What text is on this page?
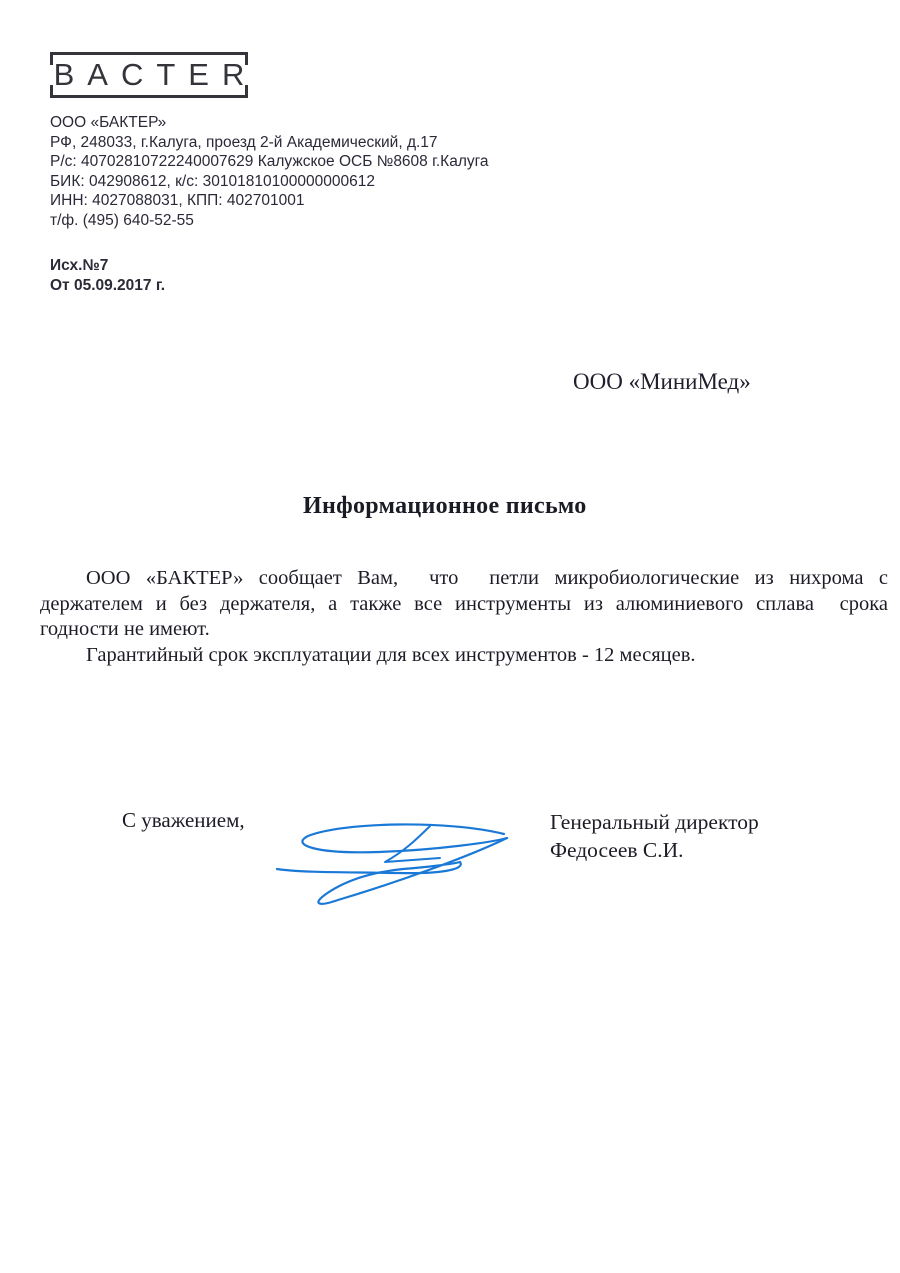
BACTER
ООО «БАКТЕР»
РФ, 248033, г.Калуга, проезд 2-й Академический, д.17
Р/с: 40702810722240007629 Калужское ОСБ №8608 г.Калуга
БИК: 042908612, к/с: 30101810100000000612
ИНН: 4027088031, КПП: 402701001
т/ф. (495) 640-52-55
Исх.№7
От 05.09.2017 г.
ООО «МиниМед»
Информационное письмо
ООО «БАКТЕР» сообщает Вам,  что  петли микробиологические из нихрома с
держателем и без держателя, а также все инструменты из алюминиевого сплава  срока
годности не имеют.
Гарантийный срок эксплуатации для всех инструментов - 12 месяцев.
С уважением,	Генеральный директор
Федосеев С.И.
